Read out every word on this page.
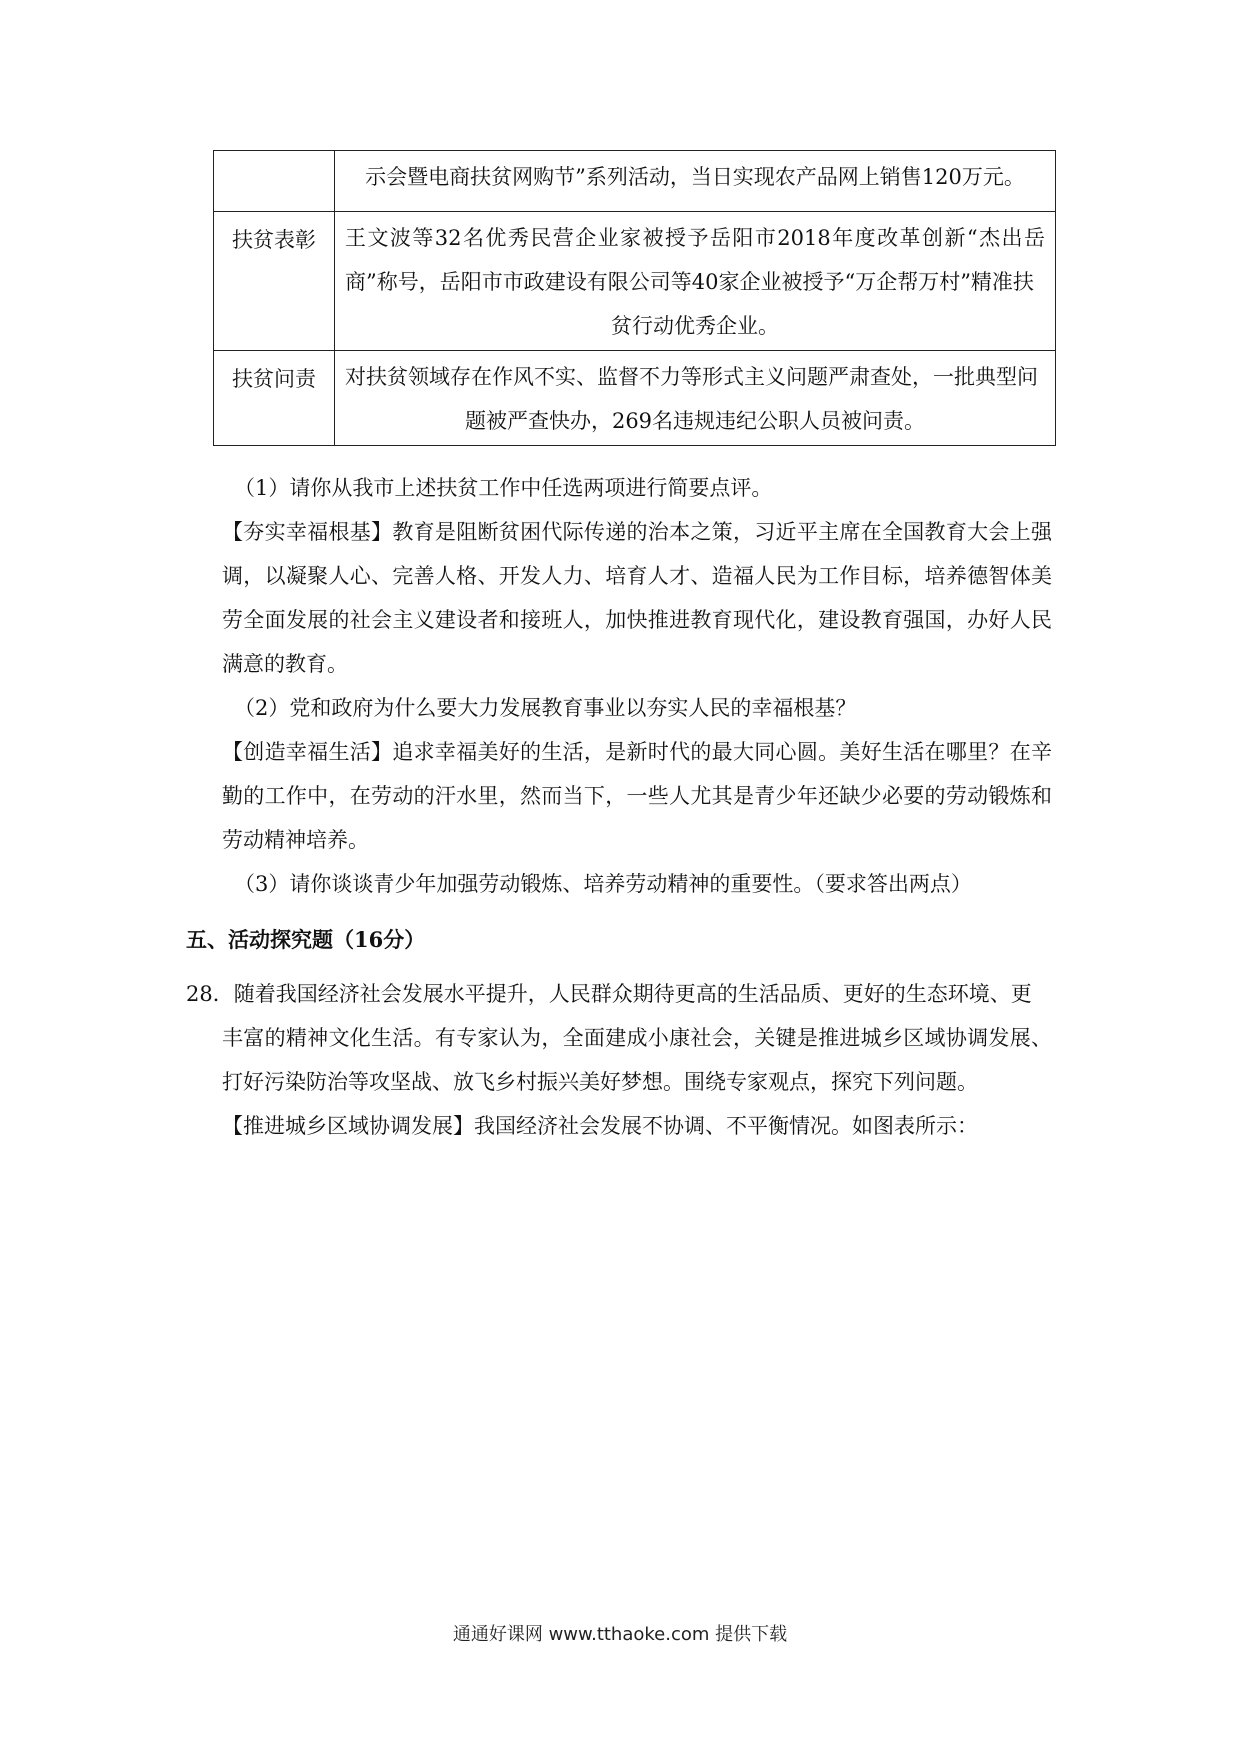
	示会暨电商扶贫网购节”系列活动，当日实现农产品网上销售120万元。
扶贫表彰	王文波等32名优秀民营企业家被授予岳阳市2018年度改革创新“杰出岳商”称号，岳阳市市政建设有限公司等40家企业被授予“万企帮万村”精准扶
贫行动优秀企业。

扶贫问责	对扶贫领域存在作风不实、监督不力等形式主义问题严肃查处，一批典型问
题被严查快办，269名违规违纪公职人员被问责。

（1）请你从我市上述扶贫工作中任选两项进行简要点评。

【夯实幸福根基】教育是阻断贫困代际传递的治本之策，习近平主席在全国教育大会上强调，以凝聚人心、完善人格、开发人力、培育人才、造福人民为工作目标，培养德智体美劳全面发展的社会主义建设者和接班人，加快推进教育现代化，建设教育强国，办好人民满意的教育。

（2）党和政府为什么要大力发展教育事业以夯实人民的幸福根基？

【创造幸福生活】追求幸福美好的生活，是新时代的最大同心圆。美好生活在哪里？在辛勤的工作中，在劳动的汗水里，然而当下，一些人尤其是青少年还缺少必要的劳动锻炼和劳动精神培养。

（3）请你谈谈青少年加强劳动锻炼、培养劳动精神的重要性。（要求答出两点）

五、活动探究题（16分）

28．随着我国经济社会发展水平提升，人民群众期待更高的生活品质、更好的生态环境、更
丰富的精神文化生活。有专家认为，全面建成小康社会，关键是推进城乡区域协调发展、打好污染防治等攻坚战、放飞乡村振兴美好梦想。围绕专家观点，探究下列问题。

【推进城乡区域协调发展】我国经济社会发展不协调、不平衡情况。如图表所示：

通通好课网 www.tthaoke.com 提供下载
